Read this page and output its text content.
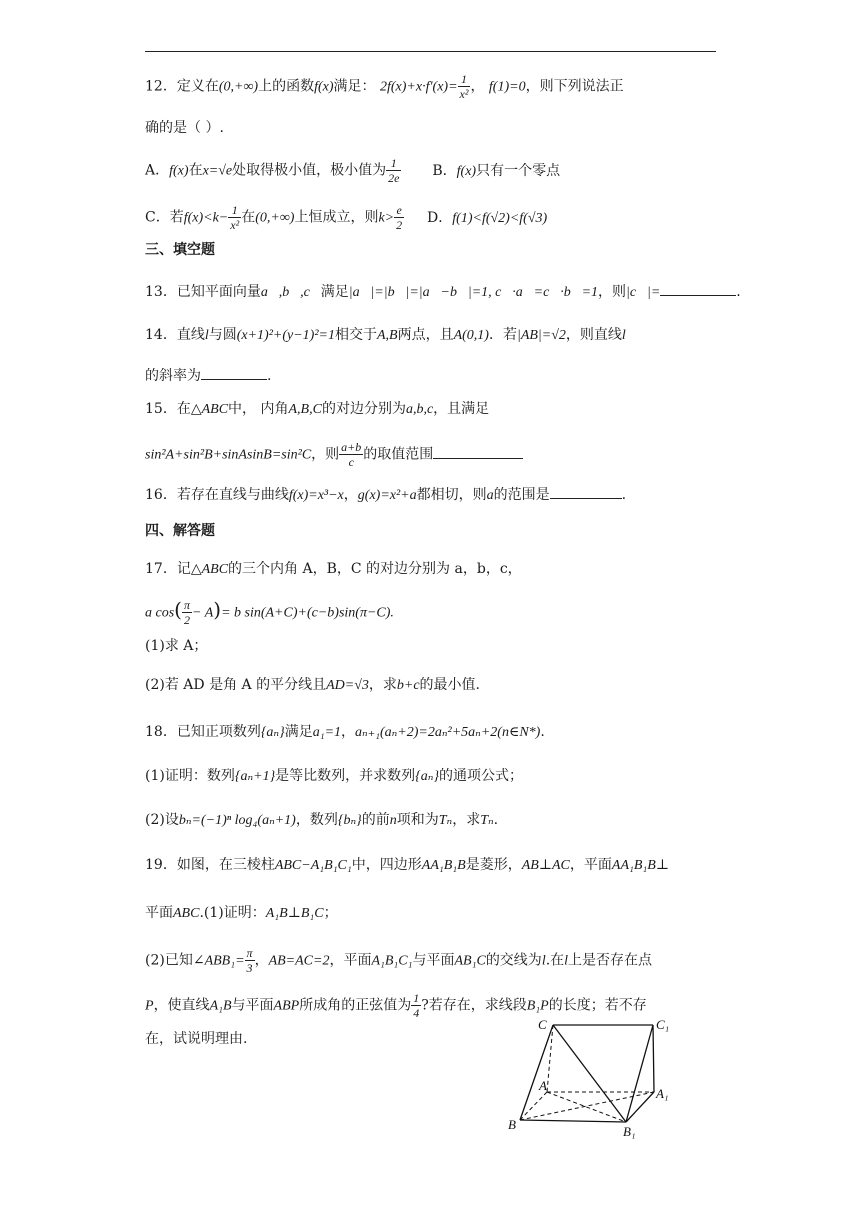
12．定义在(0,+∞)上的函数f(x)满足： $2f(x)+x\cdot f'(x)= \frac{1}{\text{x²}}$ ， f(1)=0，则下列说法正
确的是（ ）.
A．f(x)在x=√e处取得极小值，极小值为 $\frac{1}{2e}$ B．f(x)只有一个零点
C．若$f(x)<k- \frac{1}{\text{x²}}$ 在(0,+∞)上恒成立，则$k> \frac{e}{2}$ D．f(1)<f(√2)<f(√3)
三、填空题
13．已知平面向量a⃗,b⃗,c⃗满足|a⃗|=|b⃗|=|a⃗−b⃗|=1, c⃗·a⃗=c⃗·b⃗=1，则|c⃗|=	.
14．直线l与圆(x+1)²+(y−1)²=1相交于A,B两点，且A(0,1)．若|AB|=√2，则直线l
的斜率为	.
15．在△ABC中， 内角A,B,C的对边分别为a,b,c，且满足
sin²A+sin²B+sinAsinB=sin²C，则 $\frac{a+b}{c}$ 的取值范围
16．若存在直线与曲线f(x)=x³−x，g(x)=x²+a都相切，则a的范围是	.
四、解答题
17．记△ABC的三个内角 A，B，C 的对边分别为 a，b，c，
a $\cos( \frac{\pi}{2} - A)= b$ sin(A+C)+(c−b)sin(π−C).
(1)求 A；
(2)若 AD 是角 A 的平分线且AD=√3，求b+c的最小值.
18．已知正项数列{aₙ}满足a₁=1，aₙ₊₁(aₙ+2)=2aₙ²+5aₙ+2(n∈N*).
(1)证明：数列{aₙ+1}是等比数列，并求数列{aₙ}的通项公式；
(2)设bₙ=(−1)ⁿ log₄(aₙ+1)，数列{bₙ}的前n项和为Tₙ，求Tₙ.
19．如图，在三棱柱ABC−A₁B₁C₁中，四边形AA₁B₁B是菱形，AB⊥AC，平面AA₁B₁B⊥
平面ABC.(1)证明：A₁B⊥B₁C；
(2)已知∠ABB₁= $\frac{\pi}{3}$ ，AB=AC=2，平面A₁B₁C₁与平面AB₁C的交线为l.在l上是否存在点
P，使直线A₁B与平面ABP所成角的正弦值为 $\frac{1}{4}$ ?若存在，求线段B₁P的长度；若不存
在，试说明理由.
C	C₁
A
A₁
B	B₁
